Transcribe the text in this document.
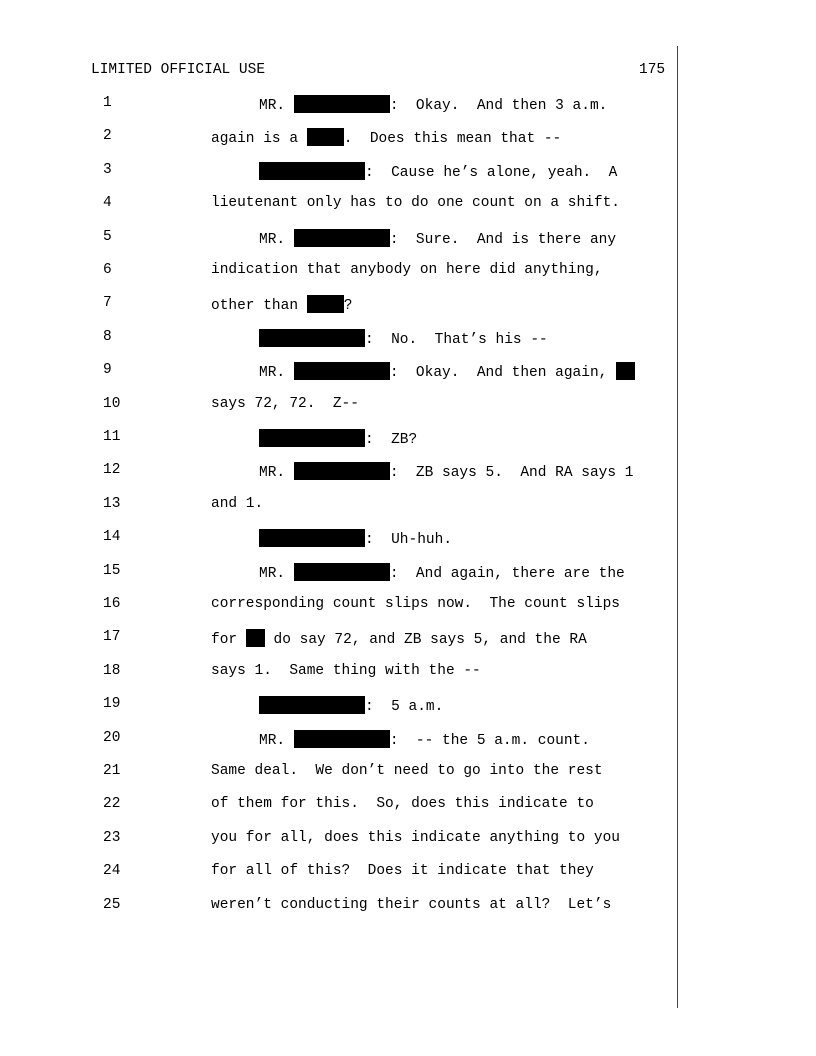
LIMITED OFFICIAL USE	175
1	MR.	:  Okay.  And then 3 a.m.
2	again is a	.  Does this mean that --
3	:  Cause he’s alone, yeah.  A
4	lieutenant only has to do one count on a shift.
5	MR.	:  Sure.  And is there any
6	indication that anybody on here did anything,
7	other than	?
8	:  No.  That’s his --
9	MR.	:  Okay.  And then again,
10	says 72, 72.  Z--
11	:  ZB?
12	MR.	:  ZB says 5.  And RA says 1
13	and 1.
14	:  Uh-huh.
15	MR.	:  And again, there are the
16	corresponding count slips now.  The count slips
17	for  do say 72, and ZB says 5, and the RA
18	says 1.  Same thing with the --
19	:  5 a.m.
20	MR.	:  -- the 5 a.m. count.
21	Same deal.  We don’t need to go into the rest
22	of them for this.  So, does this indicate to
23	you for all, does this indicate anything to you
24	for all of this?  Does it indicate that they
25	weren’t conducting their counts at all?  Let’s
